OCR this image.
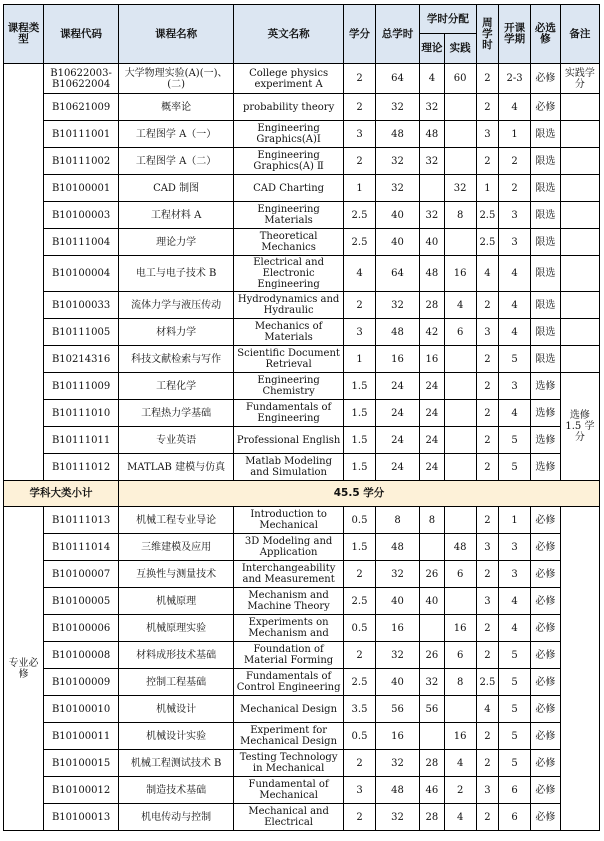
课程类型	课程代码	课程名称	英文名称	学分	总学时	学时分配		周学时	开课学期	必选修	备注
						理论	实践				
	B10622003-B10622004	大学物理实验(A)(一)、(二)	College physics experiment A	2	64	4	60	2	2-3	必修	实践学分
	B10621009	概率论	probability theory	2	32	32		2	4	必修	
	B10111001	工程图学 A（一）	Engineering Graphics(A)Ⅰ	3	48	48		3	1	限选	
	B10111002	工程图学 A（二）	Engineering Graphics(A) Ⅱ	2	32	32		2	2	限选	
	B10100001	CAD 制图	CAD Charting	1	32		32	1	2	限选	
	B10100003	工程材料 A	Engineering Materials	2.5	40	32	8	2.5	3	限选	
	B10111004	理论力学	Theoretical Mechanics	2.5	40	40		2.5	3	限选	
	B10100004	电工与电子技术 B	Electrical and Electronic Engineering	4	64	48	16	4	4	限选	
	B10100033	流体力学与液压传动	Hydrodynamics and Hydraulic	2	32	28	4	2	4	限选	
	B10111005	材料力学	Mechanics of Materials	3	48	42	6	3	4	限选	
	B10214316	科技文献检索与写作	Scientific Document Retrieval	1	16	16		2	5	限选	
	B10111009	工程化学	Engineering Chemistry	1.5	24	24		2	3	选修	选修 1.5 学分
	B10111010	工程热力学基础	Fundamentals of Engineering	1.5	24	24		2	4	选修	
	B10111011	专业英语	Professional English	1.5	24	24		2	5	选修	
	B10111012	MATLAB 建模与仿真	Matlab Modeling and Simulation	1.5	24	24		2	5	选修	
学科大类小计		45.5 学分									
专业必修	B10111013	机械工程专业导论	Introduction to Mechanical	0.5	8	8		2	1	必修	
	B10111014	三维建模及应用	3D Modeling and Application	1.5	48		48	3	3	必修	
	B10100007	互换性与测量技术	Interchangeability and Measurement	2	32	26	6	2	3	必修	
	B10100005	机械原理	Mechanism and Machine Theory	2.5	40	40		3	4	必修	
	B10100006	机械原理实验	Experiments on Mechanism and	0.5	16		16	2	4	必修	
	B10100008	材料成形技术基础	Foundation of Material Forming	2	32	26	6	2	5	必修	
	B10100009	控制工程基础	Fundamentals of Control Engineering	2.5	40	32	8	2.5	5	必修	
	B10100010	机械设计	Mechanical Design	3.5	56	56		4	5	必修	
	B10100011	机械设计实验	Experiment for Mechanical Design	0.5	16		16	2	5	必修	
	B10100015	机械工程测试技术 B	Testing Technology in Mechanical	2	32	28	4	2	5	必修	
	B10100012	制造技术基础	Fundamental of Mechanical	3	48	46	2	3	6	必修	
	B10100013	机电传动与控制	Mechanical and Electrical	2	32	28	4	2	6	必修	
